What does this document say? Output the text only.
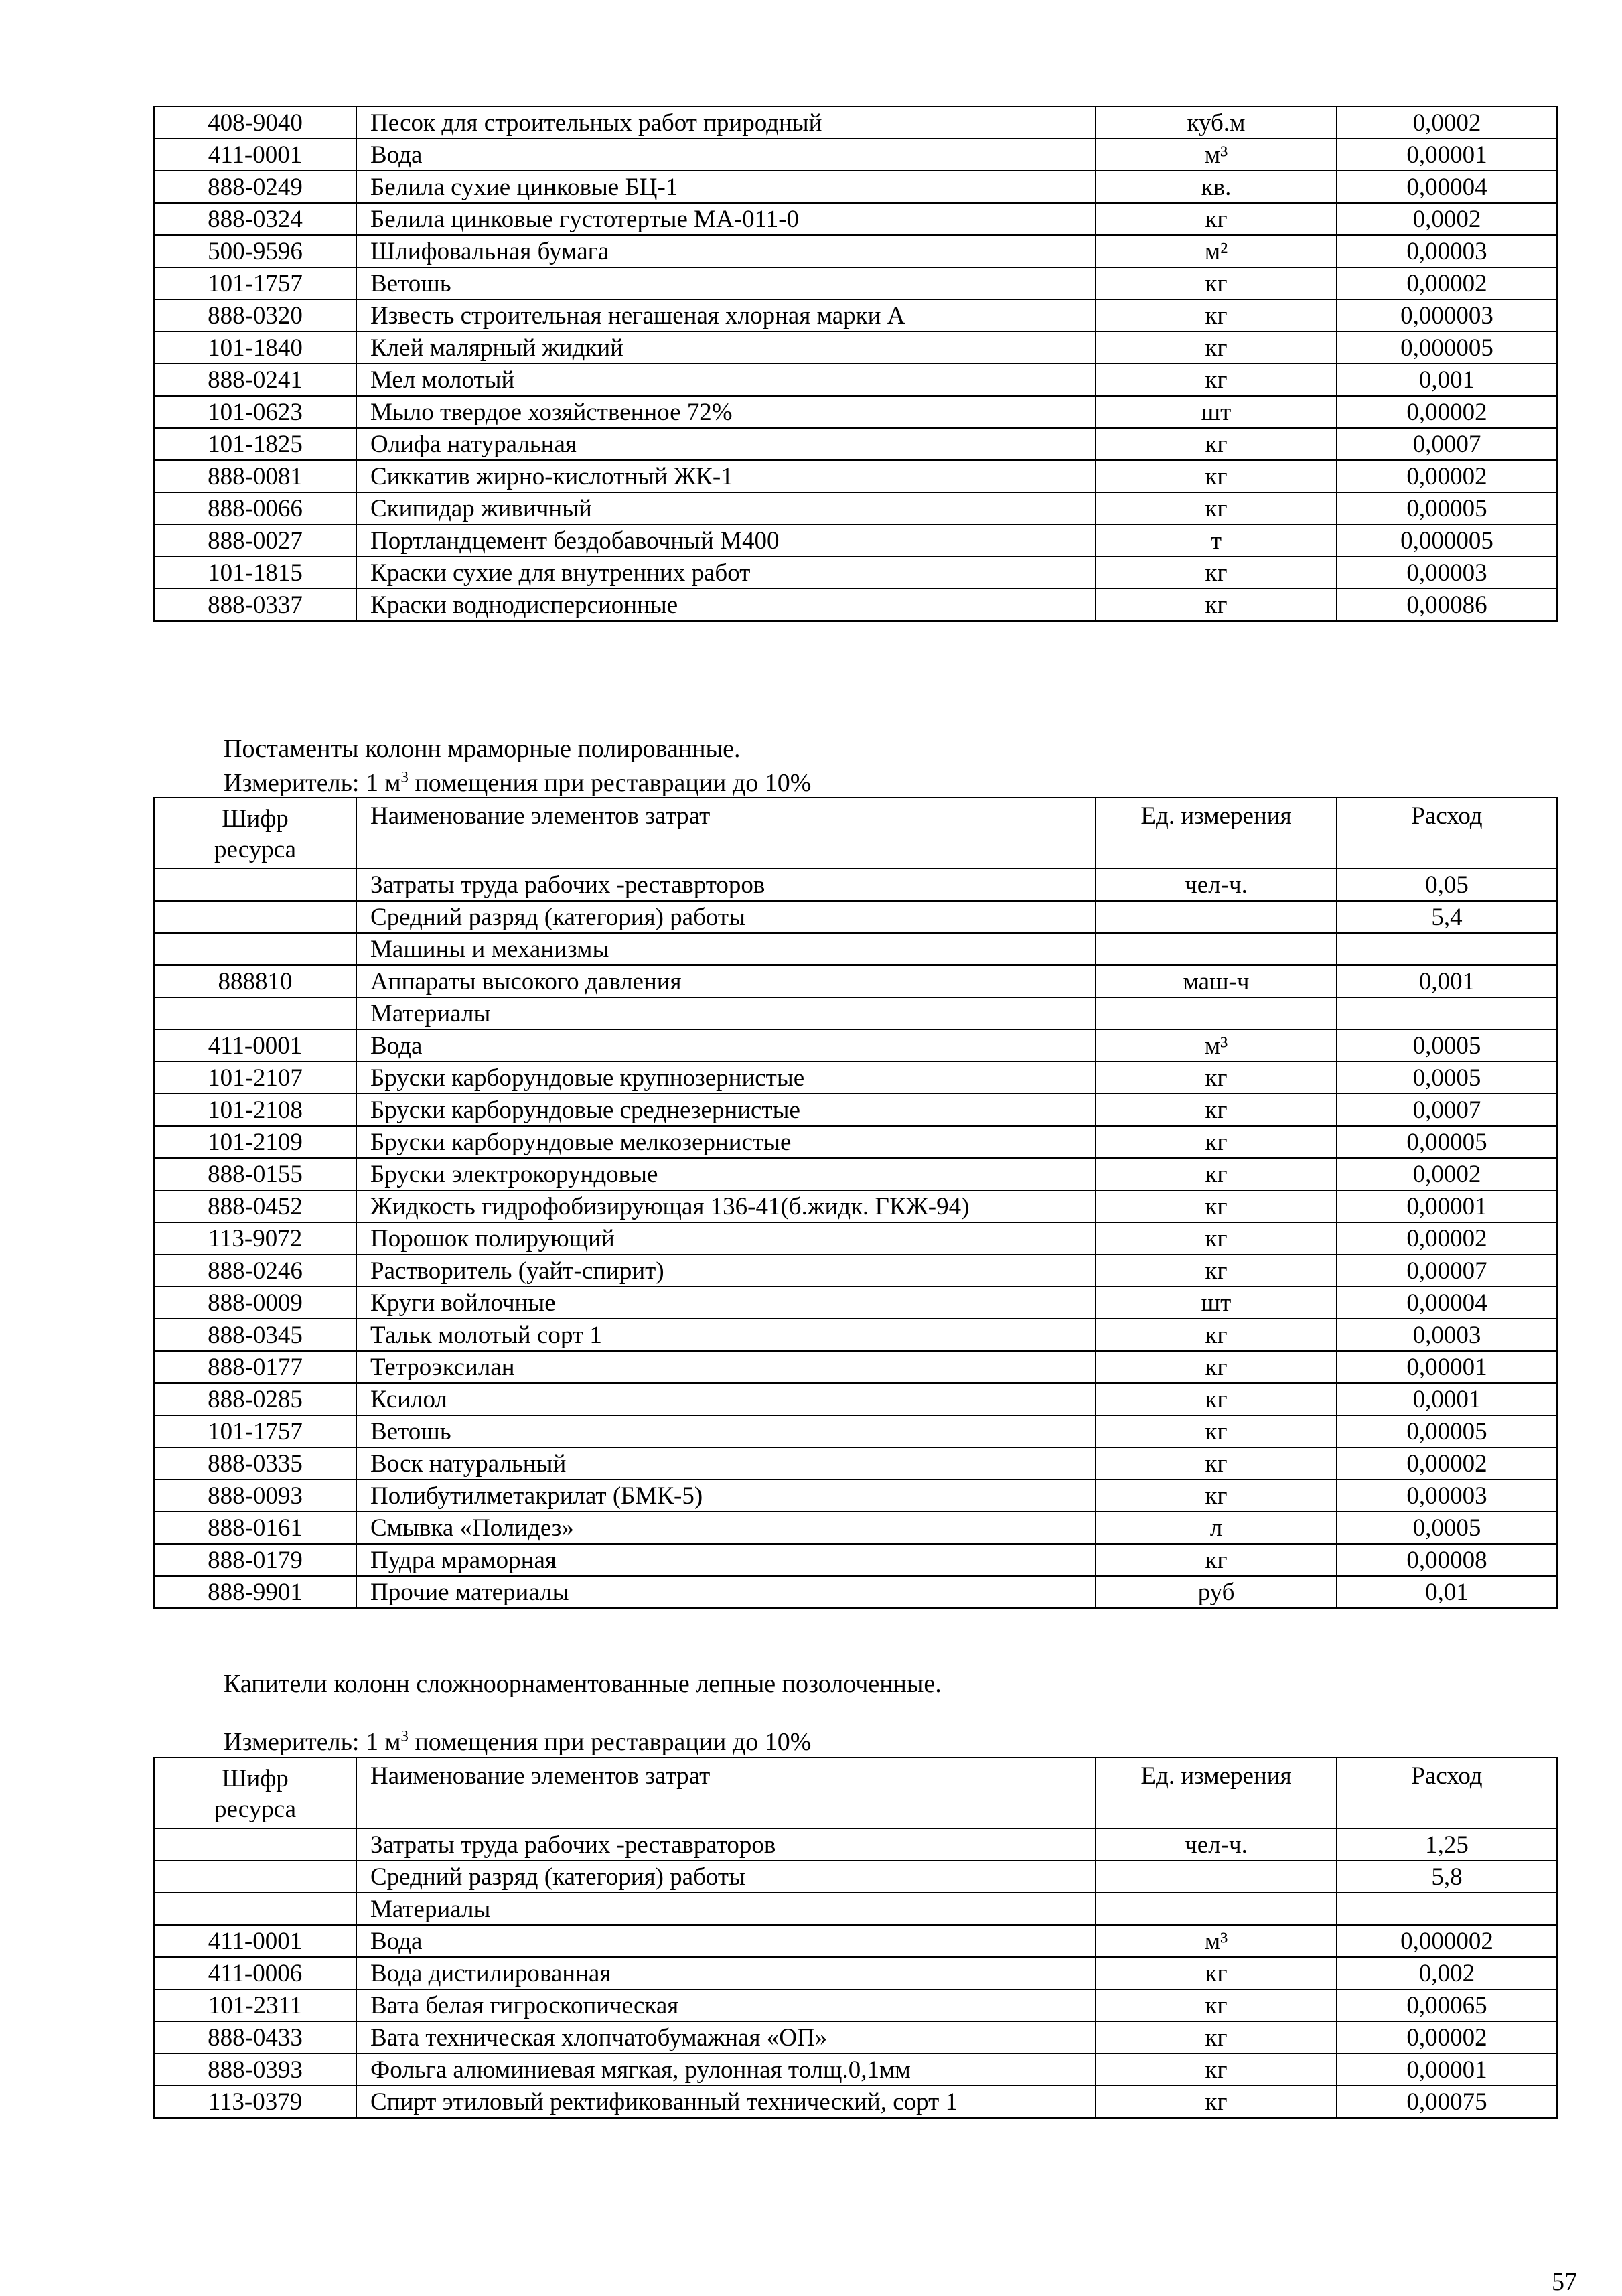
408-9040	Песок для строительных работ природный	куб.м	0,0002
411-0001	Вода	м³	0,00001
888-0249	Белила сухие цинковые БЦ-1	кв.	0,00004
888-0324	Белила цинковые густотертые МА-011-0	кг	0,0002
500-9596	Шлифовальная бумага	м²	0,00003
101-1757	Ветошь	кг	0,00002
888-0320	Известь строительная негашеная хлорная марки А	кг	0,000003
101-1840	Клей малярный жидкий	кг	0,000005
888-0241	Мел молотый	кг	0,001
101-0623	Мыло твердое хозяйственное 72%	шт	0,00002
101-1825	Олифа натуральная	кг	0,0007
888-0081	Сиккатив жирно-кислотный ЖК-1	кг	0,00002
888-0066	Скипидар живичный	кг	0,00005
888-0027	Портландцемент бездобавочный М400	т	0,000005
101-1815	Краски сухие для внутренних работ	кг	0,00003
888-0337	Краски воднодисперсионные	кг	0,00086
Постаменты колонн мраморные полированные.
Измеритель: 1 $м^3$ помещения при реставрации до 10%
Шифр
ресурса	Наименование элементов затрат	Ед. измерения	Расход
	Затраты труда рабочих -реставрторов	чел-ч.	0,05
	Средний разряд (категория) работы		5,4
	Машины и механизмы		
888810	Аппараты высокого давления	маш-ч	0,001
	Материалы		
411-0001	Вода	м³	0,0005
101-2107	Бруски карборундовые крупнозернистые	кг	0,0005
101-2108	Бруски карборундовые среднезернистые	кг	0,0007
101-2109	Бруски карборундовые мелкозернистые	кг	0,00005
888-0155	Бруски электрокорундовые	кг	0,0002
888-0452	Жидкость гидрофобизирующая 136-41(б.жидк. ГКЖ-94)	кг	0,00001
113-9072	Порошок полирующий	кг	0,00002
888-0246	Растворитель (уайт-спирит)	кг	0,00007
888-0009	Круги войлочные	шт	0,00004
888-0345	Тальк молотый сорт 1	кг	0,0003
888-0177	Тетроэксилан	кг	0,00001
888-0285	Ксилол	кг	0,0001
101-1757	Ветошь	кг	0,00005
888-0335	Воск натуральный	кг	0,00002
888-0093	Полибутилметакрилат (БМК-5)	кг	0,00003
888-0161	Смывка «Полидез»	л	0,0005
888-0179	Пудра мраморная	кг	0,00008
888-9901	Прочие материалы	руб	0,01
Капители колонн сложноорнаментованные лепные позолоченные.
Измеритель: 1 $м^3$ помещения при реставрации до 10%
Шифр
ресурса	Наименование элементов затрат	Ед. измерения	Расход
	Затраты труда рабочих -реставраторов	чел-ч.	1,25
	Средний разряд (категория) работы		5,8
	Материалы		
411-0001	Вода	м³	0,000002
411-0006	Вода дистилированная	кг	0,002
101-2311	Вата белая гигроскопическая	кг	0,00065
888-0433	Вата техническая хлопчатобумажная «ОП»	кг	0,00002
888-0393	Фольга алюминиевая мягкая, рулонная толщ.0,1мм	кг	0,00001
113-0379	Спирт этиловый ректификованный технический, сорт 1	кг	0,00075
57
